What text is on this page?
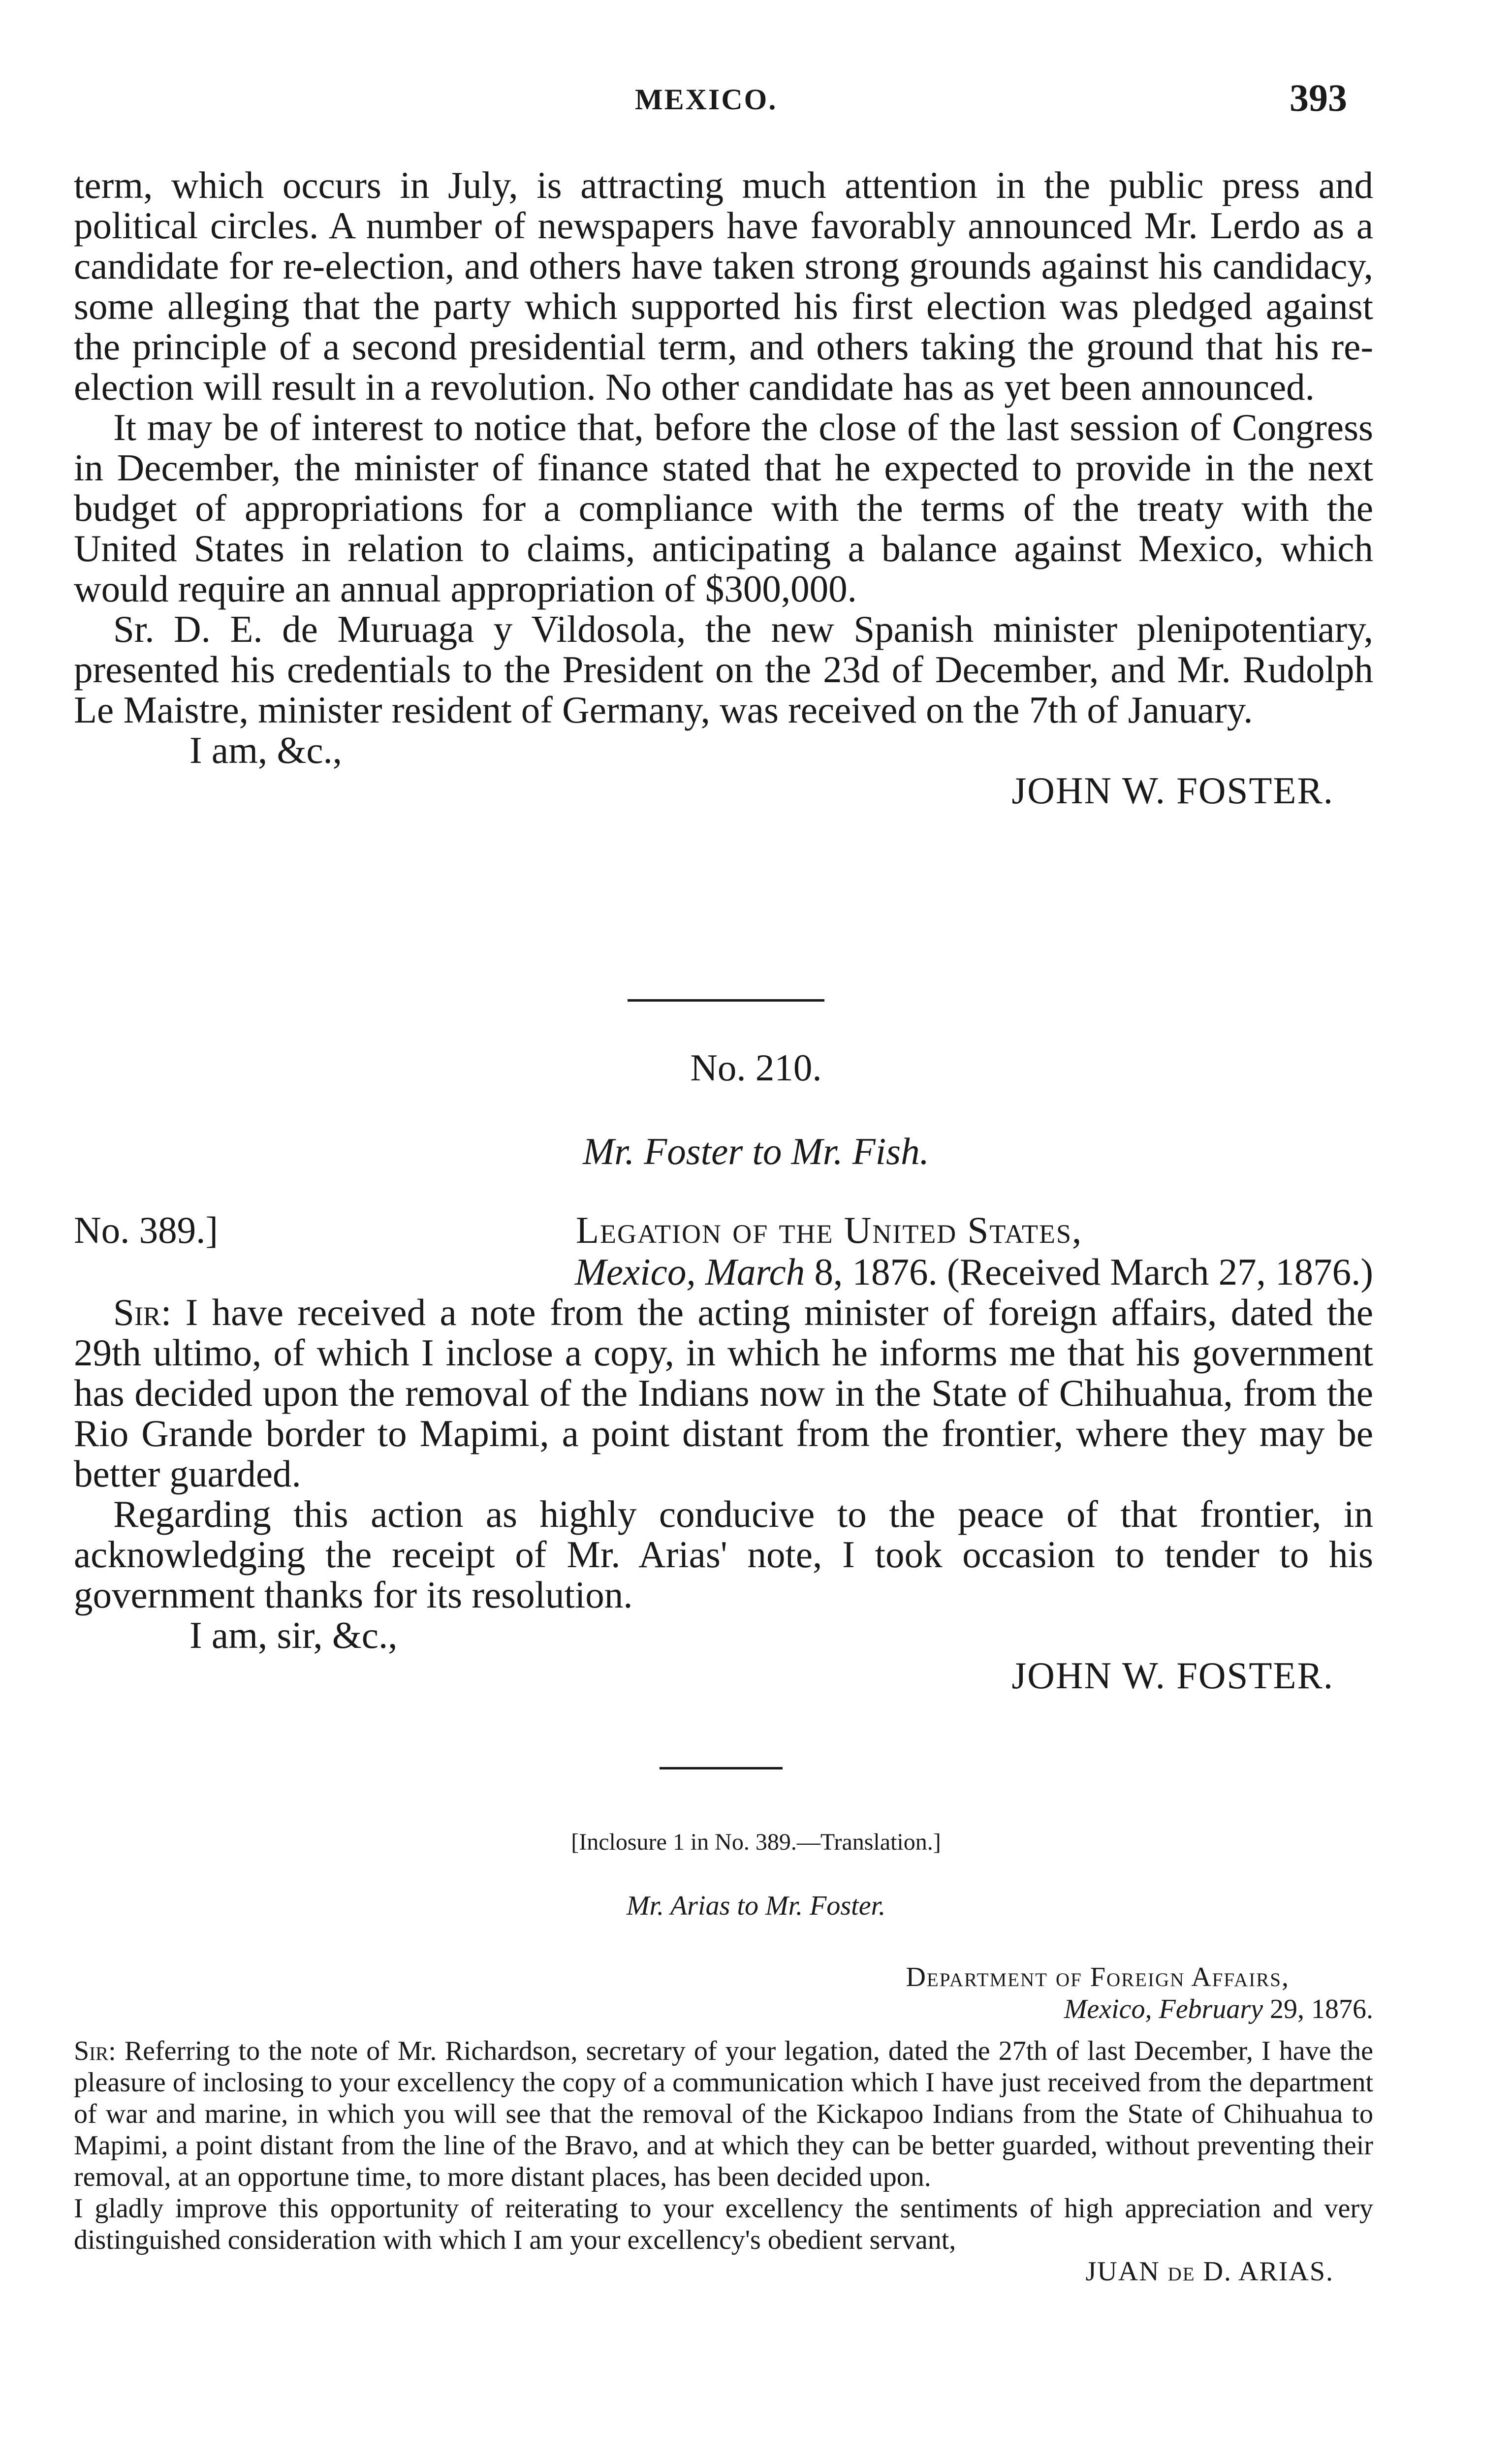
MEXICO.	393

term, which occurs in July, is attracting much attention in the public press and political circles. A number of newspapers have favorably announced Mr. Lerdo as a candidate for re-election, and others have taken strong grounds against his candidacy, some alleging that the party which supported his first election was pledged against the principle of a second presidential term, and others taking the ground that his re-election will result in a revolution. No other candidate has as yet been announced.

It may be of interest to notice that, before the close of the last session of Congress in December, the minister of finance stated that he expected to provide in the next budget of appropriations for a compliance with the terms of the treaty with the United States in relation to claims, anticipating a balance against Mexico, which would require an annual appropriation of $300,000.

Sr. D. E. de Muruaga y Vildosola, the new Spanish minister plenipotentiary, presented his credentials to the President on the 23d of December, and Mr. Rudolph Le Maistre, minister resident of Germany, was received on the 7th of January.

I am, &c.,

JOHN W. FOSTER.

No. 210.
Mr. Foster to Mr. Fish.
No. 389.]	Legation of the United States,
Mexico, March 8, 1876. (Received March 27, 1876.)

Sir: I have received a note from the acting minister of foreign affairs, dated the 29th ultimo, of which I inclose a copy, in which he informs me that his government has decided upon the removal of the Indians now in the State of Chihuahua, from the Rio Grande border to Mapimi, a point distant from the frontier, where they may be better guarded.

Regarding this action as highly conducive to the peace of that frontier, in acknowledging the receipt of Mr. Arias' note, I took occasion to tender to his government thanks for its resolution.

I am, sir, &c.,

JOHN W. FOSTER.

[Inclosure 1 in No. 389.—Translation.]
Mr. Arias to Mr. Foster.
Department of Foreign Affairs,
Mexico, February 29, 1876.

Sir: Referring to the note of Mr. Richardson, secretary of your legation, dated the 27th of last December, I have the pleasure of inclosing to your excellency the copy of a communication which I have just received from the department of war and marine, in which you will see that the removal of the Kickapoo Indians from the State of Chihuahua to Mapimi, a point distant from the line of the Bravo, and at which they can be better guarded, without preventing their removal, at an opportune time, to more distant places, has been decided upon.

I gladly improve this opportunity of reiterating to your excellency the sentiments of high appreciation and very distinguished consideration with which I am your excellency's obedient servant,

JUAN de D. ARIAS.
